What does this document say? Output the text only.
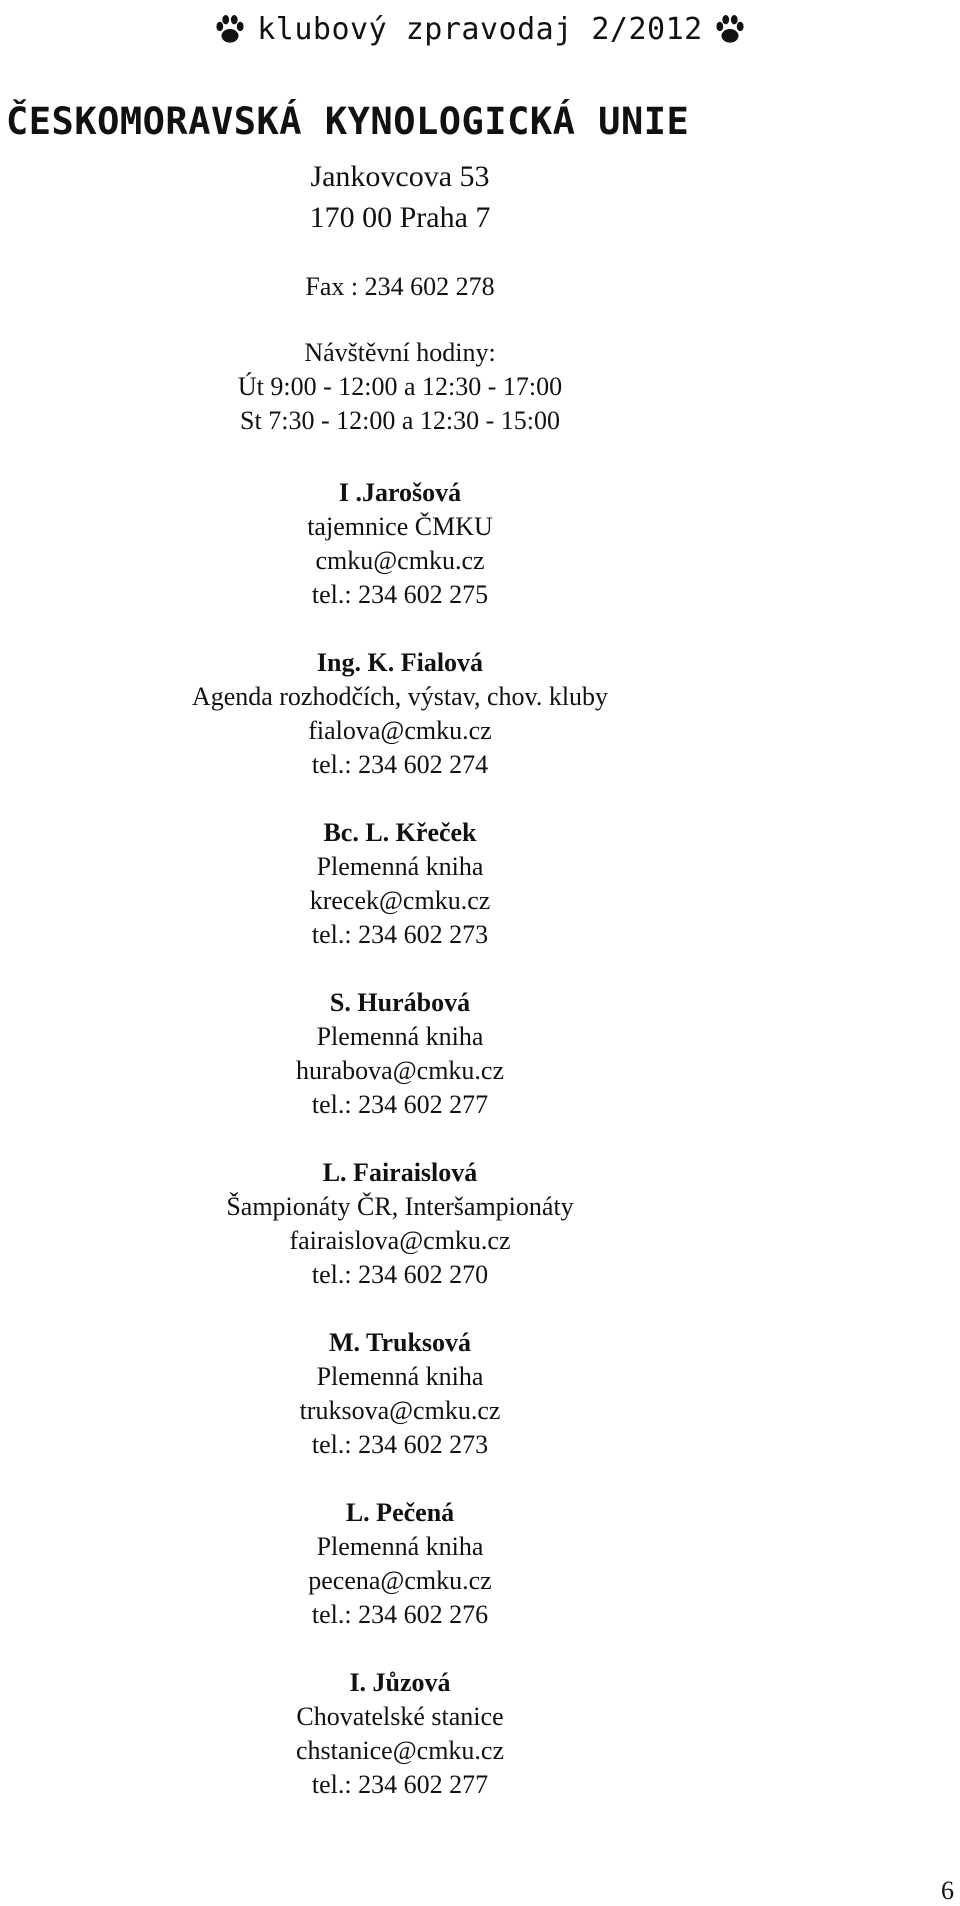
klubový zpravodaj 2/2012
ČESKOMORAVSKÁ KYNOLOGICKÁ UNIE
Jankovcova 53
170 00 Praha 7
Fax : 234 602 278
Návštěvní hodiny:
Út 9:00 - 12:00 a 12:30 - 17:00
St 7:30 - 12:00 a 12:30 - 15:00
I .Jarošová
tajemnice ČMKU
cmku@cmku.cz
tel.: 234 602 275
Ing. K. Fialová
Agenda rozhodčích, výstav, chov. kluby
fialova@cmku.cz
tel.: 234 602 274
Bc. L. Křeček
Plemenná kniha
krecek@cmku.cz
tel.: 234 602 273
S. Hurábová
Plemenná kniha
hurabova@cmku.cz
tel.: 234 602 277
L. Fairaislová
Šampionáty ČR, Interšampionáty
fairaislova@cmku.cz
tel.: 234 602 270
M. Truksová
Plemenná kniha
truksova@cmku.cz
tel.: 234 602 273
L. Pečená
Plemenná kniha
pecena@cmku.cz
tel.: 234 602 276
I. Jůzová
Chovatelské stanice
chstanice@cmku.cz
tel.: 234 602 277
6
